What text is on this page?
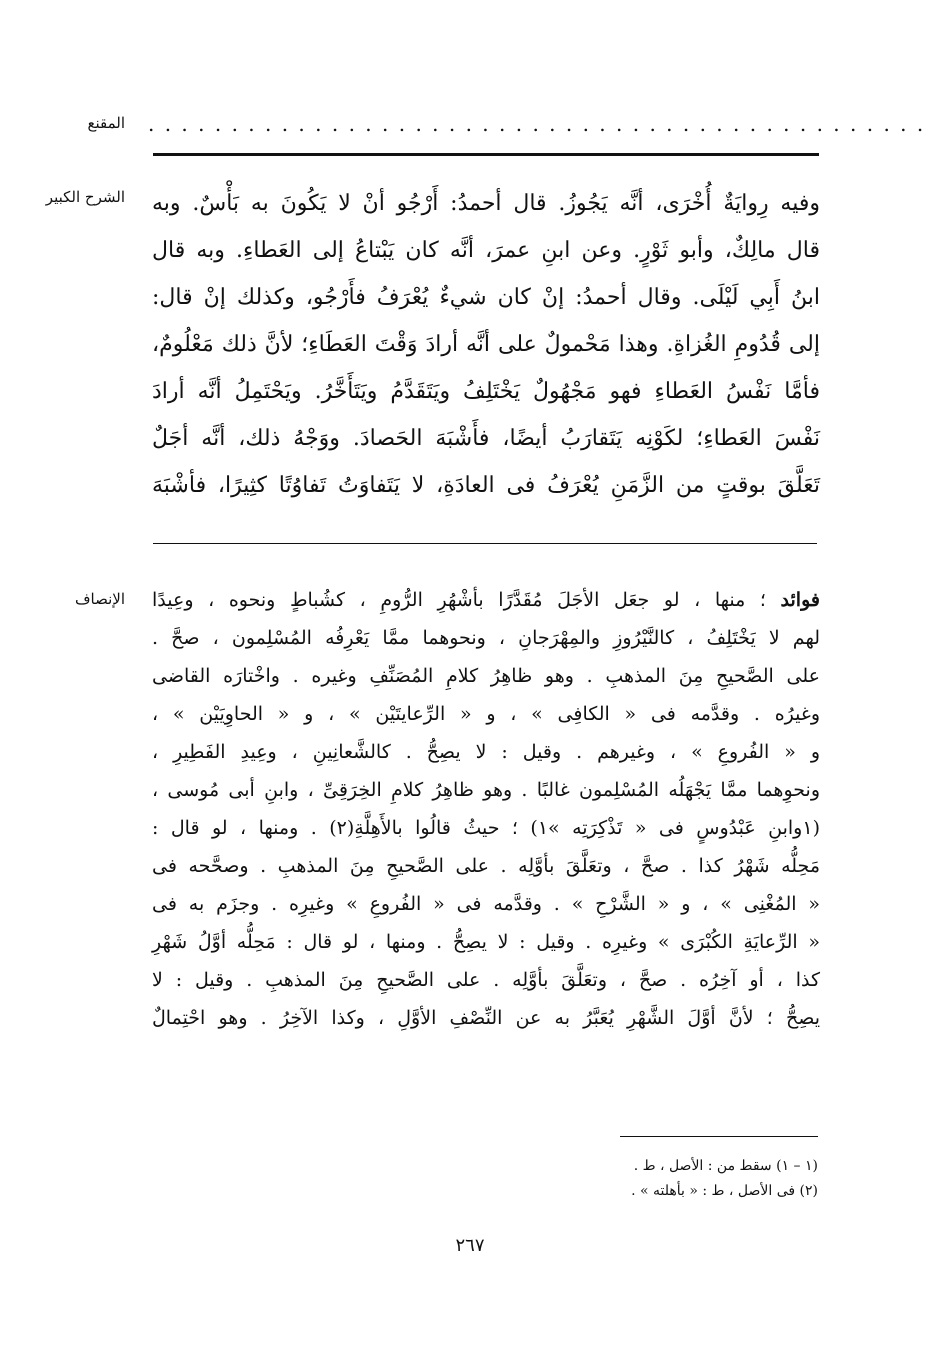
المقنع . . . . . . . . . . . . . . . . . . . . . . . . . . . . . . . . . . . . . . . . . . . . . . .
الشرح الكبير وفيه رِوايَةٌ أُخْرَى، أنَّه يَجُوزُ. قال أحمدُ: أَرْجُو أنْ لا يَكُونَ به بَأْسٌ. وبه
قال مالِكٌ، وأبو ثَوْرٍ. وعن ابنِ عمرَ، أنَّه كان يَبْتاعُ إلى العَطاءِ. وبه قال
ابنُ أَبِي لَيْلَى. وقال أحمدُ: إنْ كان شيءٌ يُعْرَفُ فأَرْجُو، وكذلك إنْ قال:
إلى قُدُومِ الغُزاةِ. وهذا مَحْمولٌ على أنَّه أرادَ وَقْتَ العَطَاءِ؛ لأنَّ ذلك مَعْلُومٌ،
فأمَّا نَفْسُ العَطاءِ فهو مَجْهُولٌ يَخْتَلِفُ ويَتَقَدَّمُ ويَتَأَخَّرُ. ويَحْتَمِلُ أنَّه أرادَ
نَفْسَ العَطاءِ؛ لكَوْنِه يَتَقارَبُ أيضًا، فأَشْبَهَ الحَصادَ. ووَجْهُ ذلك، أنَّه أجَلٌ
تَعَلَّقَ بوقتٍ من الزَّمَنِ يُعْرَفُ فى العادَةِ، لا يَتَفاوَتُ تَفاوُتًا كثِيرًا، فأشْبَهَ
الإنصاف	فوائد ؛ منها ، لو جعَل الأجَلَ مُقَدَّرًا بأشْهُرِ الرُّومِ ، كشُباطٍ ونحوه ، وعِيدًا
لهم لا يَخْتَلِفُ ، كالنَّيْرُوزِ والمِهْرَجانِ ، ونحوهما ممَّا يَعْرِفُه المُسْلِمون ، صحَّ .
على الصَّحيحِ مِنَ المذهبِ . وهو ظاهِرُ كلامِ المُصَنِّفِ وغيره . واخْتارَه القاضى
وغيرُه . وقدَّمه فى « الكافِى » ، و « الرِّعايتَيْن » ، و « الحاوِيَيْن » ،
و « الفُروعِ » ، وغيرهم . وقيل : لا يصِحُّ . كالشَّعانِينِ ، وعِيدِ الفَطِيرِ ،
ونحوِهما ممَّا يَجْهَلُه المُسْلِمون غالبًا . وهو ظاهِرُ كلامِ الخِرَقِىِّ ، وابنِ أبى مُوسى ،
(١وابنِ عَبْدُوسٍ فى « تَذْكِرَتِه »١) ؛ حيثُ قالُوا بالأَهِلَّةِ(٢) . ومنها ، لو قال :
مَحِلُّه شَهْرُ كذا . صحَّ ، وتعَلَّقَ بأوَّلِه . على الصَّحيحِ مِنَ المذهبِ . وصحَّحه فى
« المُغْنِى » ، و « الشَّرْحِ » . وقدَّمه فى « الفُروعِ » وغيرِه . وجزَم به فى
« الرِّعايَةِ الكُبْرَى » وغيرِه . وقيل : لا يصِحُّ . ومنها ، لو قال : مَحِلُّه أوَّلُ شَهْرِ
كذا ، أو آخِرُه . صحَّ ، وتعَلَّقَ بأوَّلِه . على الصَّحيحِ مِنَ المذهبِ . وقيل : لا
يصِحُّ ؛ لأنَّ أوَّلَ الشَّهْرِ يُعَبَّرُ به عن النِّصْفِ الأوَّلِ ، وكذا الآخِرُ . وهو احْتِمالٌ
(١ – ١) سقط من : الأصل ، ط .
(٢) فى الأصل ، ط : « بأهلته » .
٢٦٧
